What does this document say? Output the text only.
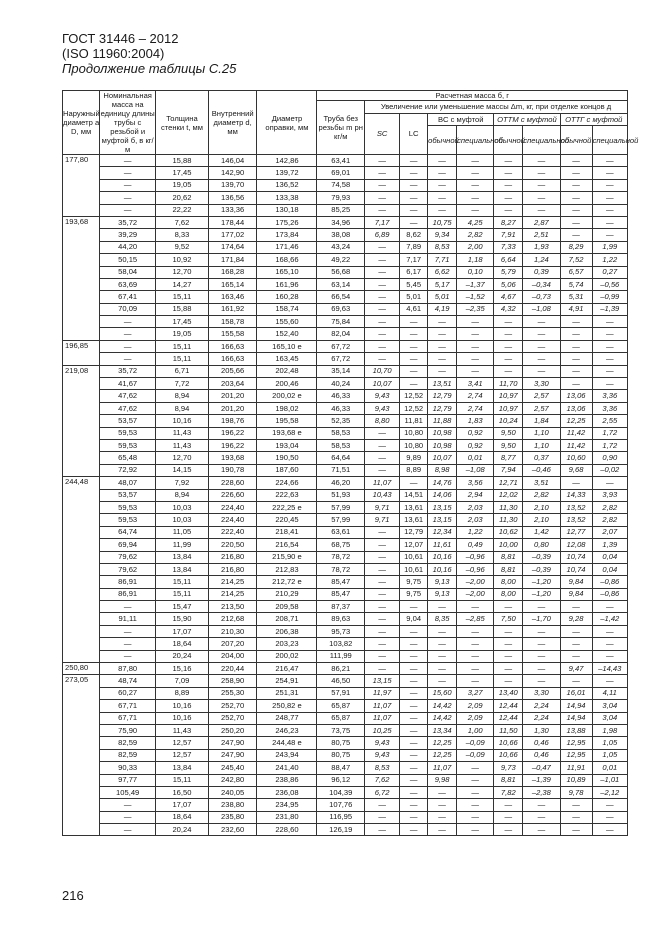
ГОСТ 31446 – 2012
(ISO 11960:2004)
Продолжение таблицы С.25
Наружный диаметр а D, мм	Номинальная масса на единицу длины трубы с резьбой и муфтой б, в кг/м	Толщина стенки t, мм	Внутренний диаметр d, мм	Диаметр оправки, мм	Расчетная масса б, г								
					Труба без резьбы m рн кг/м	Увеличение или уменьшение массы Δm, кг, при отделке концов д							
						SC	LC	BC с муфтой		ОТТМ с муфтой		ОТТГ с муфтой	
								обычной	специальной	обычной	специальной	обычной	специальной
177,80	—	15,88	146,04	142,86	63,41	—	—	—	—	—	—	—	—
	—	17,45	142,90	139,72	69,01	—	—	—	—	—	—	—	—
	—	19,05	139,70	136,52	74,58	—	—	—	—	—	—	—	—
	—	20,62	136,56	133,38	79,93	—	—	—	—	—	—	—	—
	—	22,22	133,36	130,18	85,25	—	—	—	—	—	—	—	—
193,68	35,72	7,62	178,44	175,26	34,96	7,17	—	10,75	4,25	8,27	2,87	—	—
	39,29	8,33	177,02	173,84	38,08	6,89	8,62	9,34	2,82	7,91	2,51	—	—
	44,20	9,52	174,64	171,46	43,24	—	7,89	8,53	2,00	7,33	1,93	8,29	1,99
	50,15	10,92	171,84	168,66	49,22	—	7,17	7,71	1,18	6,64	1,24	7,52	1,22
	58,04	12,70	168,28	165,10	56,68	—	6,17	6,62	0,10	5,79	0,39	6,57	0,27
	63,69	14,27	165,14	161,96	63,14	—	5,45	5,17	–1,37	5,06	–0,34	5,74	–0,56
	67,41	15,11	163,46	160,28	66,54	—	5,01	5,01	–1,52	4,67	–0,73	5,31	–0,99
	70,09	15,88	161,92	158,74	69,63	—	4,61	4,19	–2,35	4,32	–1,08	4,91	–1,39
	—	17,45	158,78	155,60	75,84	—	—	—	—	—	—	—	—
	—	19,05	155,58	152,40	82,04	—	—	—	—	—	—	—	—
196,85	—	15,11	166,63	165,10 е	67,72	—	—	—	—	—	—	—	—
	—	15,11	166,63	163,45	67,72	—	—	—	—	—	—	—	—
219,08	35,72	6,71	205,66	202,48	35,14	10,70	—	—	—	—	—	—	—
	41,67	7,72	203,64	200,46	40,24	10,07	—	13,51	3,41	11,70	3,30	—	—
	47,62	8,94	201,20	200,02 е	46,33	9,43	12,52	12,79	2,74	10,97	2,57	13,06	3,36
	47,62	8,94	201,20	198,02	46,33	9,43	12,52	12,79	2,74	10,97	2,57	13,06	3,36
	53,57	10,16	198,76	195,58	52,35	8,80	11,81	11,88	1,83	10,24	1,84	12,25	2,55
	59,53	11,43	196,22	193,68 е	58,53	—	10,80	10,98	0,92	9,50	1,10	11,42	1,72
	59,53	11,43	196,22	193,04	58,53	—	10,80	10,98	0,92	9,50	1,10	11,42	1,72
	65,48	12,70	193,68	190,50	64,64	—	9,89	10,07	0,01	8,77	0,37	10,60	0,90
	72,92	14,15	190,78	187,60	71,51	—	8,89	8,98	–1,08	7,94	–0,46	9,68	–0,02
244,48	48,07	7,92	228,60	224,66	46,20	11,07	—	14,76	3,56	12,71	3,51	—	—
	53,57	8,94	226,60	222,63	51,93	10,43	14,51	14,06	2,94	12,02	2,82	14,33	3,93
	59,53	10,03	224,40	222,25 е	57,99	9,71	13,61	13,15	2,03	11,30	2,10	13,52	2,82
	59,53	10,03	224,40	220,45	57,99	9,71	13,61	13,15	2,03	11,30	2,10	13,52	2,82
	64,74	11,05	222,40	218,41	63,61	—	12,79	12,34	1,22	10,62	1,42	12,77	2,07
	69,94	11,99	220,50	216,54	68,75	—	12,07	11,61	0,49	10,00	0,80	12,08	1,39
	79,62	13,84	216,80	215,90 е	78,72	—	10,61	10,16	–0,96	8,81	–0,39	10,74	0,04
	79,62	13,84	216,80	212,83	78,72	—	10,61	10,16	–0,96	8,81	–0,39	10,74	0,04
	86,91	15,11	214,25	212,72 е	85,47	—	9,75	9,13	–2,00	8,00	–1,20	9,84	–0,86
	86,91	15,11	214,25	210,29	85,47	—	9,75	9,13	–2,00	8,00	–1,20	9,84	–0,86
	—	15,47	213,50	209,58	87,37	—	—	—	—	—	—	—	—
	91,11	15,90	212,68	208,71	89,63	—	9,04	8,35	–2,85	7,50	–1,70	9,28	–1,42
	—	17,07	210,30	206,38	95,73	—	—	—	—	—	—	—	—
	—	18,64	207,20	203,23	103,82	—	—	—	—	—	—	—	—
	—	20,24	204,00	200,02	111,99	—	—	—	—	—	—	—	—
250,80	87,80	15,16	220,44	216,47	86,21	—	—	—	—	—	—	9,47	–14,43
273,05	48,74	7,09	258,90	254,91	46,50	13,15	—	—	—	—	—	—	—
	60,27	8,89	255,30	251,31	57,91	11,97	—	15,60	3,27	13,40	3,30	16,01	4,11
	67,71	10,16	252,70	250,82 е	65,87	11,07	—	14,42	2,09	12,44	2,24	14,94	3,04
	67,71	10,16	252,70	248,77	65,87	11,07	—	14,42	2,09	12,44	2,24	14,94	3,04
	75,90	11,43	250,20	246,23	73,75	10,25	—	13,34	1,00	11,50	1,30	13,88	1,98
	82,59	12,57	247,90	244,48 е	80,75	9,43	—	12,25	–0,09	10,66	0,46	12,95	1,05
	82,59	12,57	247,90	243,94	80,75	9,43	—	12,25	–0,09	10,66	0,46	12,95	1,05
	90,33	13,84	245,40	241,40	88,47	8,53	—	11,07	—	9,73	–0,47	11,91	0,01
	97,77	15,11	242,80	238,86	96,12	7,62	—	9,98	—	8,81	–1,39	10,89	–1,01
	105,49	16,50	240,05	236,08	104,39	6,72	—	—	—	7,82	–2,38	9,78	–2,12
	—	17,07	238,80	234,95	107,76	—	—	—	—	—	—	—	—
	—	18,64	235,80	231,80	116,95	—	—	—	—	—	—	—	—
	—	20,24	232,60	228,60	126,19	—	—	—	—	—	—	—	—
216
